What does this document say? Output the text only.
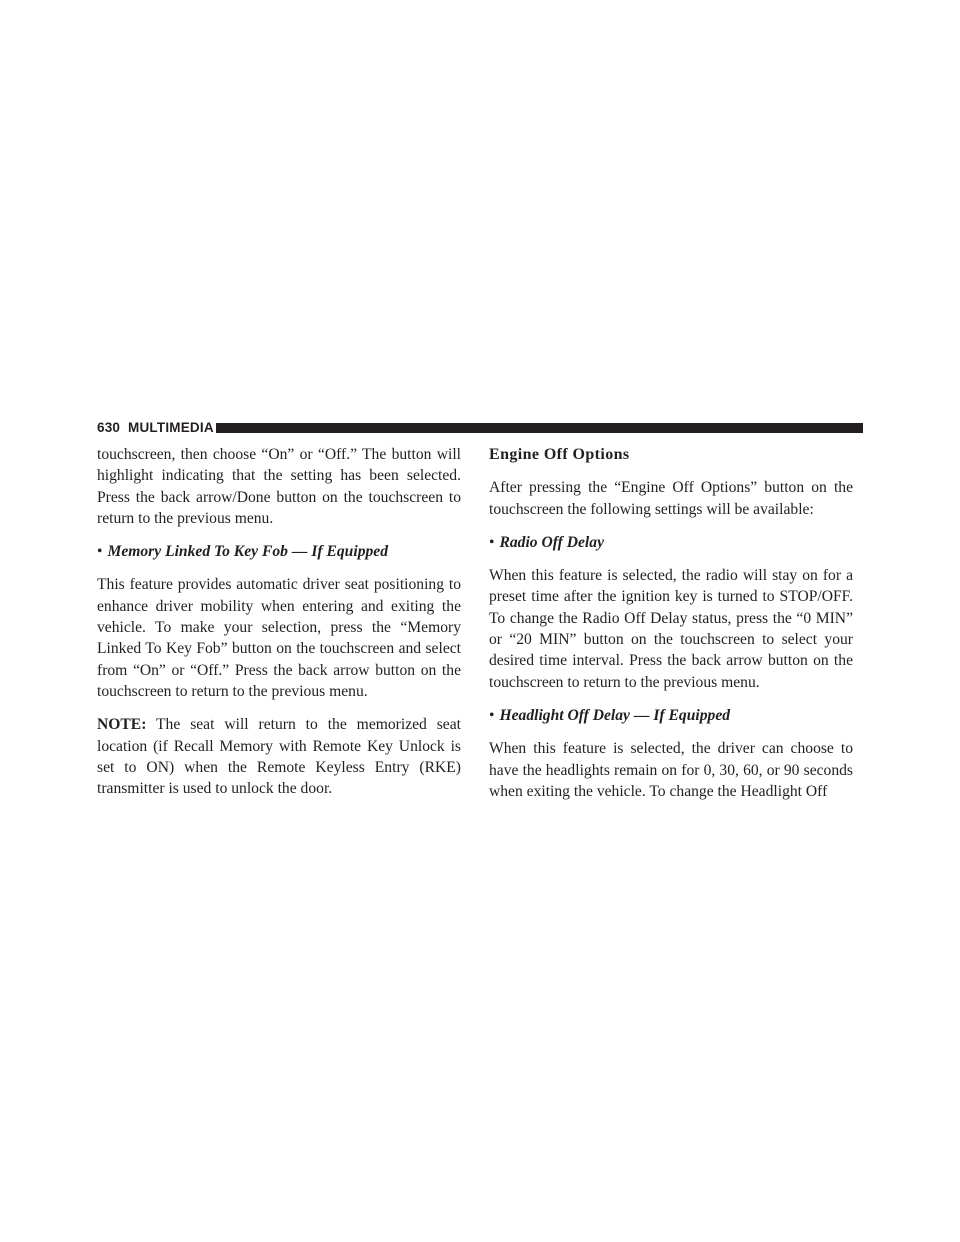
630 MULTIMEDIA

touchscreen, then choose “On” or “Off.” The button will highlight indicating that the setting has been selected. Press the back arrow/Done button on the touchscreen to return to the previous menu.

• Memory Linked To Key Fob — If Equipped

This feature provides automatic driver seat positioning to enhance driver mobility when entering and exiting the vehicle. To make your selection, press the “Memory Linked To Key Fob” button on the touchscreen and select from “On” or “Off.” Press the back arrow button on the touchscreen to return to the previous menu.

NOTE: The seat will return to the memorized seat location (if Recall Memory with Remote Key Unlock is set to ON) when the Remote Keyless Entry (RKE) transmitter is used to unlock the door.

Engine Off Options

After pressing the “Engine Off Options” button on the touchscreen the following settings will be available:

• Radio Off Delay

When this feature is selected, the radio will stay on for a preset time after the ignition key is turned to STOP/OFF. To change the Radio Off Delay status, press the “0 MIN” or “20 MIN” button on the touchscreen to select your desired time interval. Press the back arrow button on the touchscreen to return to the previous menu.

• Headlight Off Delay — If Equipped

When this feature is selected, the driver can choose to have the headlights remain on for 0, 30, 60, or 90 seconds when exiting the vehicle. To change the Headlight Off
